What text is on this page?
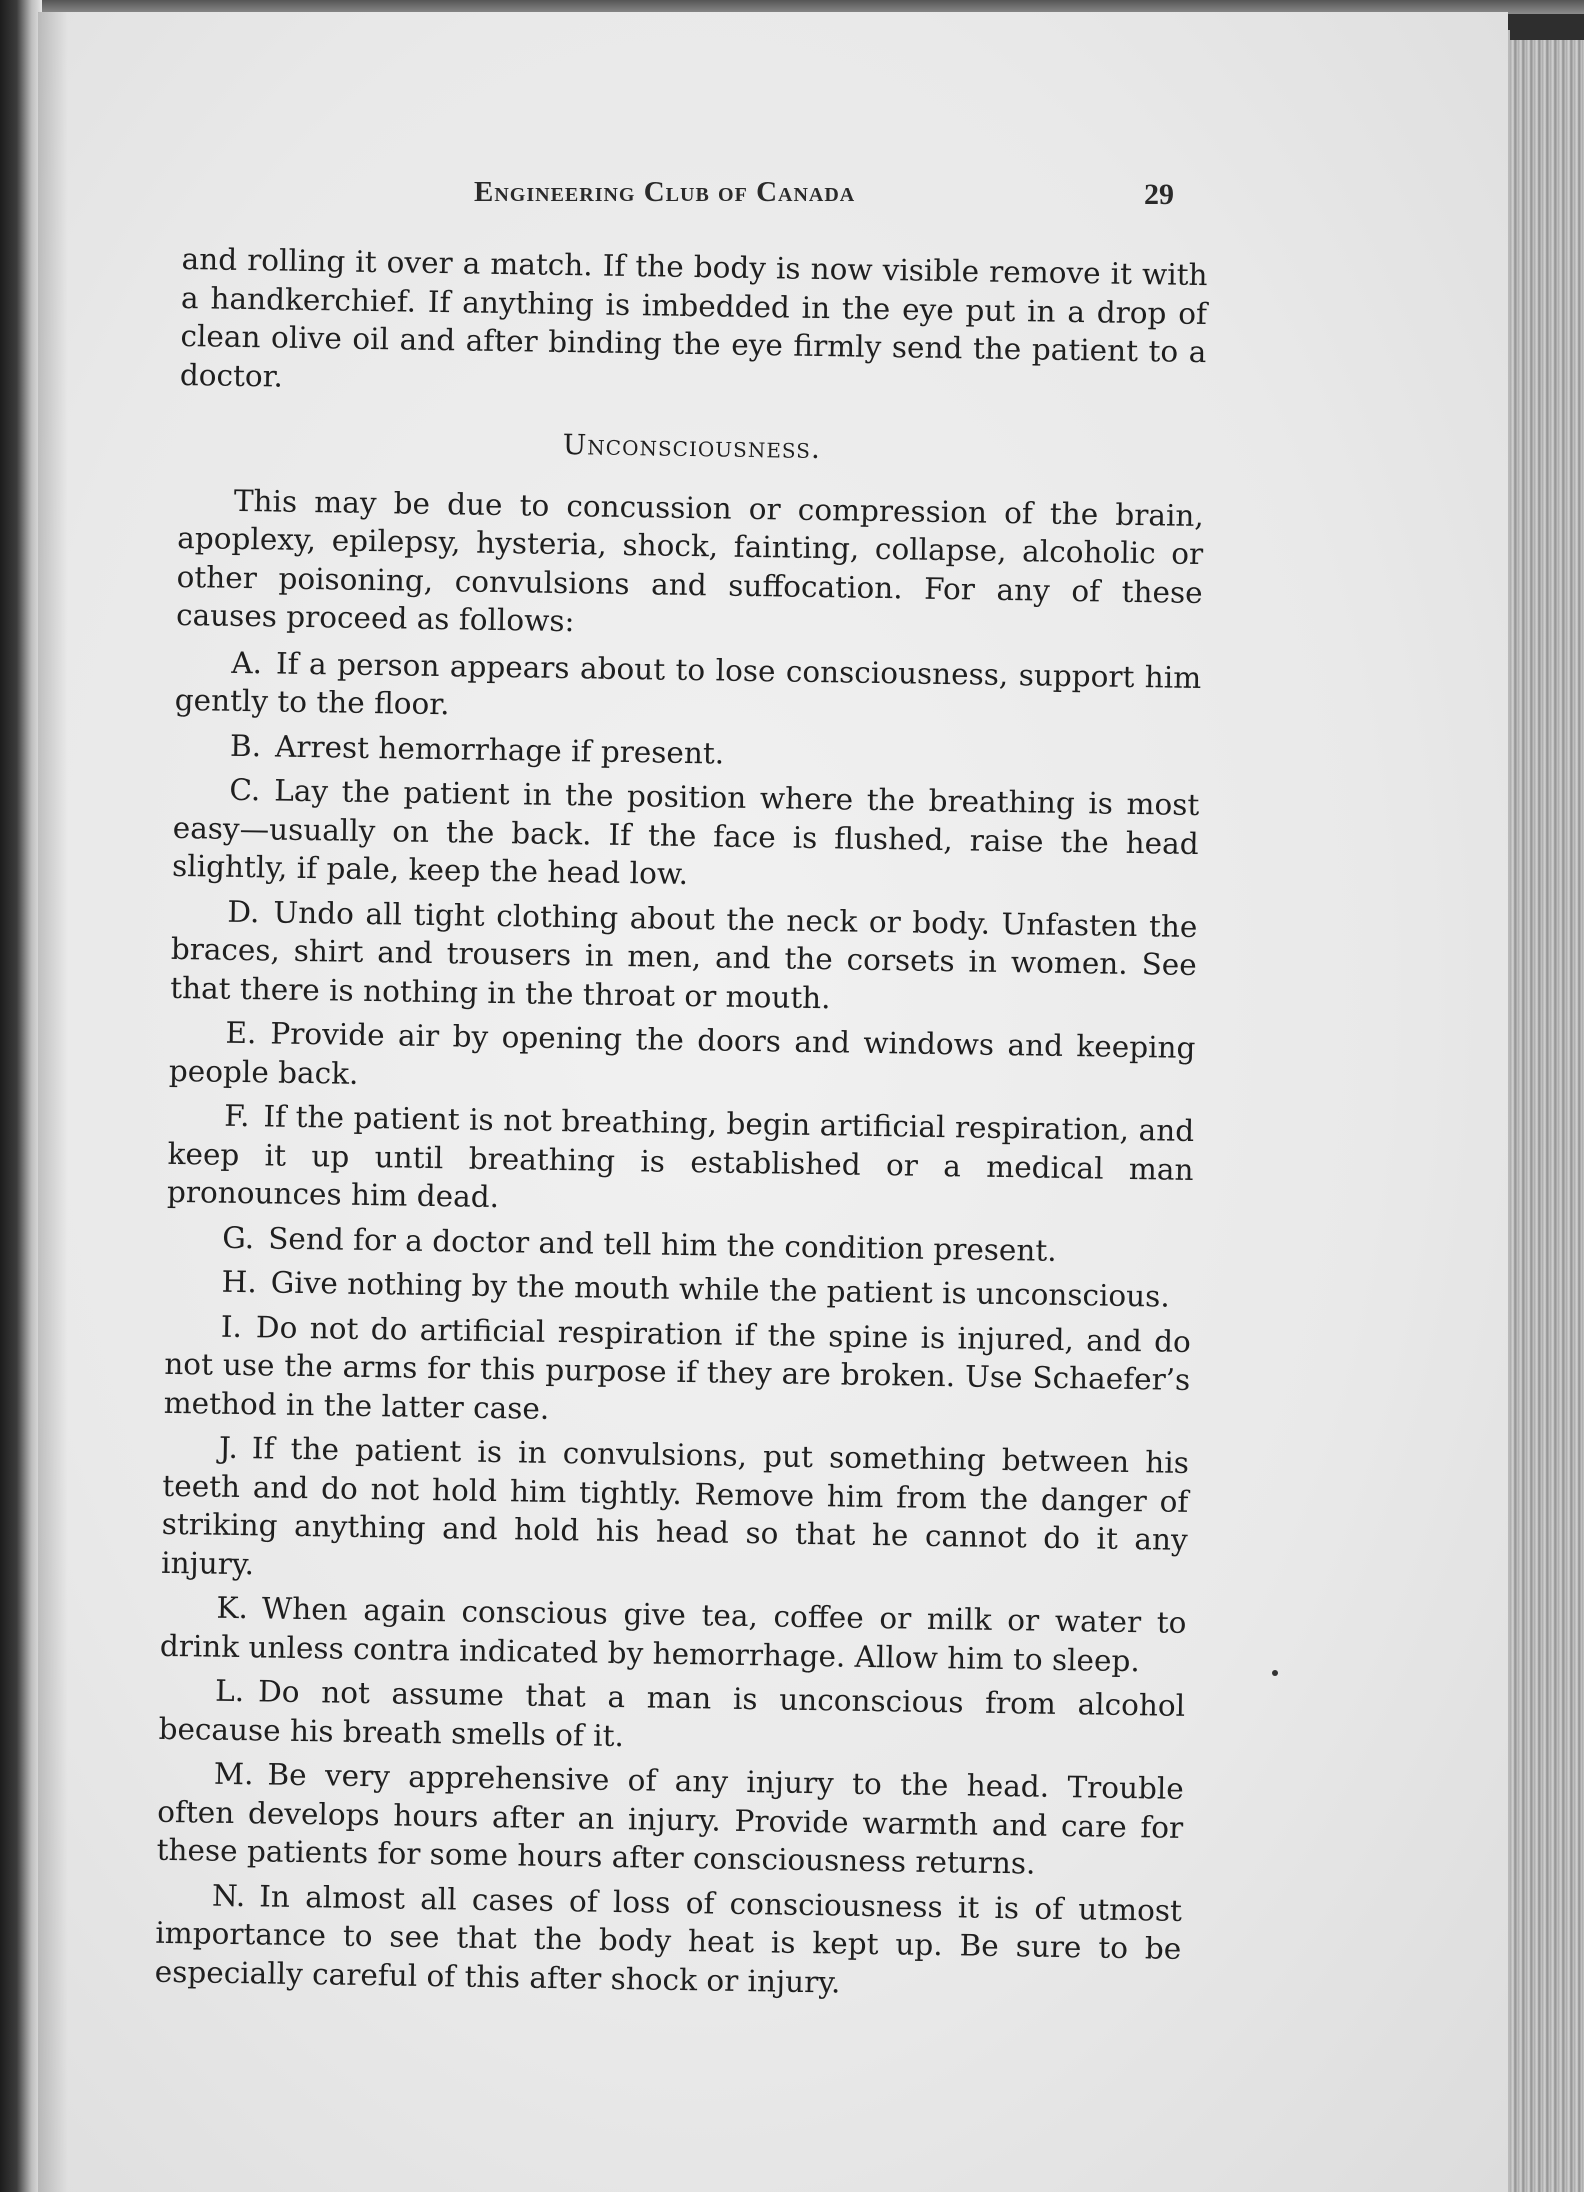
Engineering Club of Canada	29

and rolling it over a match. If the body is now visible remove it with a handkerchief. If anything is imbedded in the eye put in a drop of clean olive oil and after binding the eye firmly send the patient to a doctor.

Unconsciousness.

This may be due to concussion or compression of the brain, apoplexy, epilepsy, hysteria, shock, fainting, collapse, alcoholic or other poisoning, convulsions and suffocation. For any of these causes proceed as follows:

A. If a person appears about to lose consciousness, support him gently to the floor.

B. Arrest hemorrhage if present.

C. Lay the patient in the position where the breathing is most easy—usually on the back. If the face is flushed, raise the head slightly, if pale, keep the head low.

D. Undo all tight clothing about the neck or body. Unfasten the braces, shirt and trousers in men, and the corsets in women. See that there is nothing in the throat or mouth.

E. Provide air by opening the doors and windows and keeping people back.

F. If the patient is not breathing, begin artificial respiration, and keep it up until breathing is established or a medical man pronounces him dead.

G. Send for a doctor and tell him the condition present.

H. Give nothing by the mouth while the patient is unconscious.

I. Do not do artificial respiration if the spine is injured, and do not use the arms for this purpose if they are broken. Use Schaefer’s method in the latter case.

J. If the patient is in convulsions, put something between his teeth and do not hold him tightly. Remove him from the danger of striking anything and hold his head so that he cannot do it any injury.

K. When again conscious give tea, coffee or milk or water to drink unless contra indicated by hemorrhage. Allow him to sleep.

L. Do not assume that a man is unconscious from alcohol because his breath smells of it.

M. Be very apprehensive of any injury to the head. Trouble often develops hours after an injury. Provide warmth and care for these patients for some hours after consciousness returns.

N. In almost all cases of loss of consciousness it is of utmost importance to see that the body heat is kept up. Be sure to be especially careful of this after shock or injury.
